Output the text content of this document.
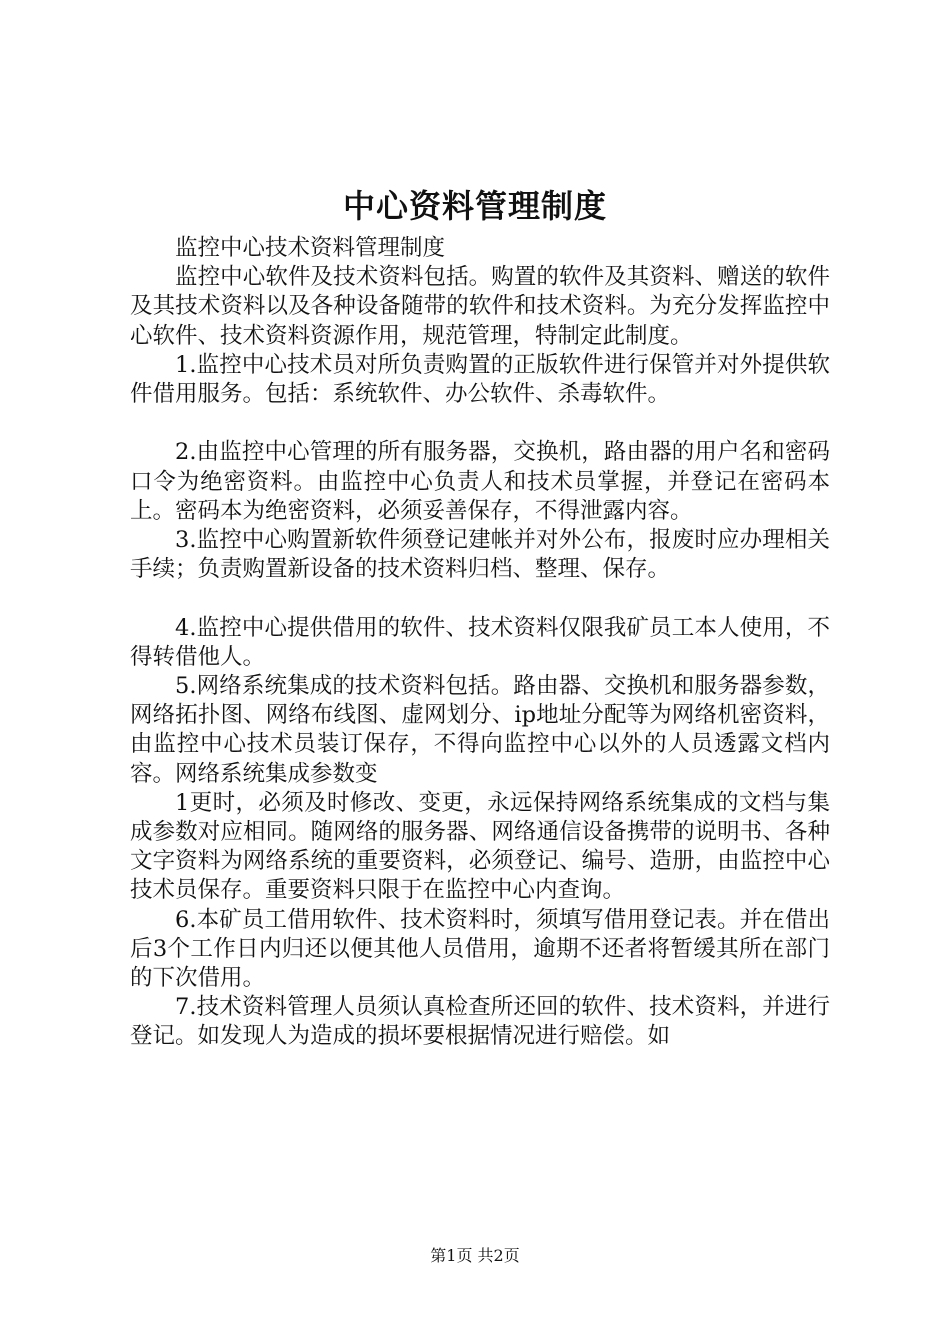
中心资料管理制度

监控中心技术资料管理制度

监控中心软件及技术资料包括。购置的软件及其资料、赠送的软件及其技术资料以及各种设备随带的软件和技术资料。为充分发挥监控中心软件、技术资料资源作用，规范管理，特制定此制度。

1.监控中心技术员对所负责购置的正版软件进行保管并对外提供软件借用服务。包括：系统软件、办公软件、杀毒软件。

2.由监控中心管理的所有服务器，交换机，路由器的用户名和密码口令为绝密资料。由监控中心负责人和技术员掌握，并登记在密码本上。密码本为绝密资料，必须妥善保存，不得泄露内容。

3.监控中心购置新软件须登记建帐并对外公布，报废时应办理相关手续；负责购置新设备的技术资料归档、整理、保存。

4.监控中心提供借用的软件、技术资料仅限我矿员工本人使用，不得转借他人。

5.网络系统集成的技术资料包括。路由器、交换机和服务器参数，网络拓扑图、网络布线图、虚网划分、ip地址分配等为网络机密资料，由监控中心技术员装订保存，不得向监控中心以外的人员透露文档内容。网络系统集成参数变

1更时，必须及时修改、变更，永远保持网络系统集成的文档与集成参数对应相同。随网络的服务器、网络通信设备携带的说明书、各种文字资料为网络系统的重要资料，必须登记、编号、造册，由监控中心技术员保存。重要资料只限于在监控中心内查询。

6.本矿员工借用软件、技术资料时，须填写借用登记表。并在借出后3个工作日内归还以便其他人员借用，逾期不还者将暂缓其所在部门的下次借用。

7.技术资料管理人员须认真检查所还回的软件、技术资料，并进行登记。如发现人为造成的损坏要根据情况进行赔偿。如

第1页 共2页
